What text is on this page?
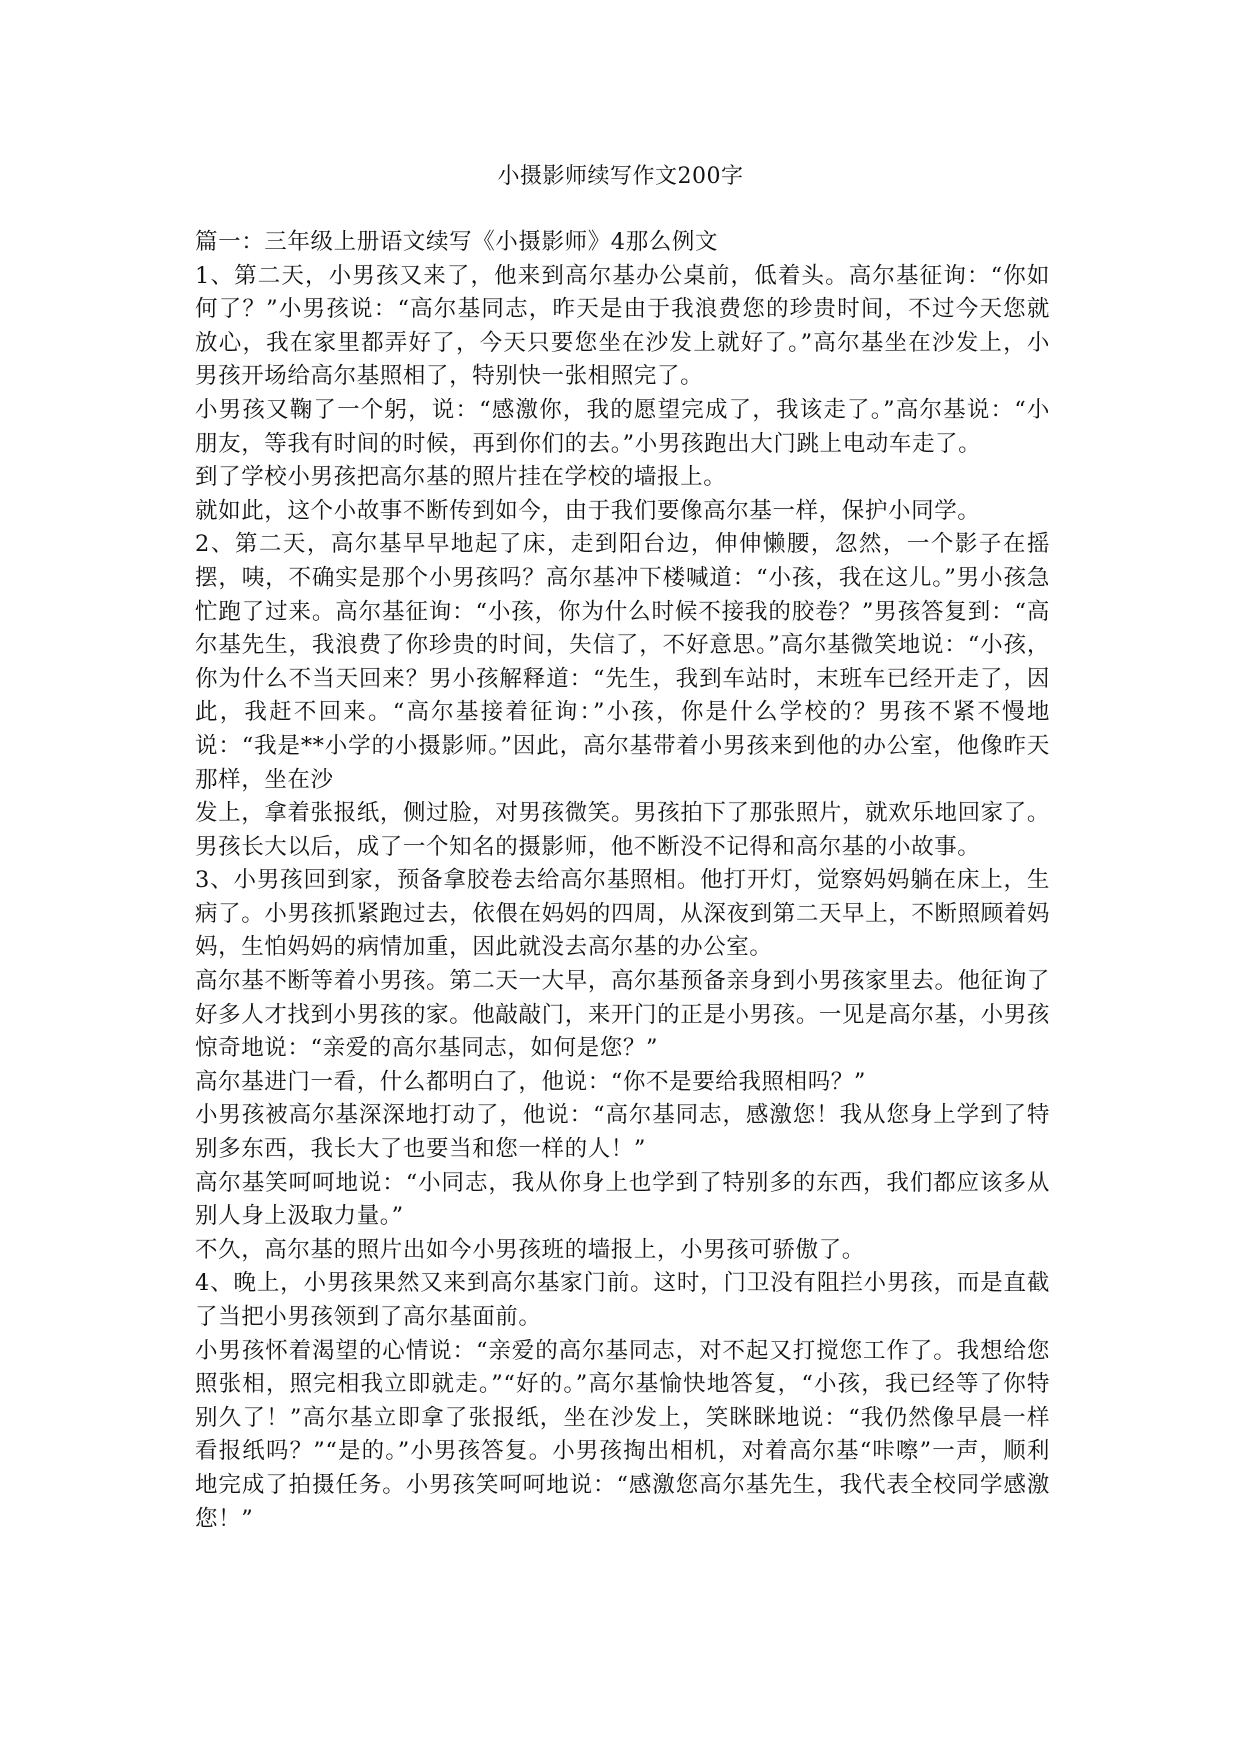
小摄影师续写作文200字

篇一：三年级上册语文续写《小摄影师》4那么例文

1、第二天，小男孩又来了，他来到高尔基办公桌前，低着头。高尔基征询：“你如何了？”小男孩说：“高尔基同志，昨天是由于我浪费您的珍贵时间，不过今天您就放心，我在家里都弄好了，今天只要您坐在沙发上就好了。”高尔基坐在沙发上，小男孩开场给高尔基照相了，特别快一张相照完了。

小男孩又鞠了一个躬，说：“感激你，我的愿望完成了，我该走了。”高尔基说：“小朋友，等我有时间的时候，再到你们的去。”小男孩跑出大门跳上电动车走了。

到了学校小男孩把高尔基的照片挂在学校的墙报上。

就如此，这个小故事不断传到如今，由于我们要像高尔基一样，保护小同学。

2、第二天，高尔基早早地起了床，走到阳台边，伸伸懒腰，忽然，一个影子在摇摆，咦，不确实是那个小男孩吗？高尔基冲下楼喊道：“小孩，我在这儿。”男小孩急忙跑了过来。高尔基征询：“小孩，你为什么时候不接我的胶卷？”男孩答复到：“高尔基先生，我浪费了你珍贵的时间，失信了，不好意思。”高尔基微笑地说：“小孩，你为什么不当天回来？男小孩解释道：“先生，我到车站时，末班车已经开走了，因此，我赶不回来。“高尔基接着征询：”小孩，你是什么学校的？男孩不紧不慢地说：“我是**小学的小摄影师。”因此，高尔基带着小男孩来到他的办公室，他像昨天那样，坐在沙

发上，拿着张报纸，侧过脸，对男孩微笑。男孩拍下了那张照片，就欢乐地回家了。男孩长大以后，成了一个知名的摄影师，他不断没不记得和高尔基的小故事。

3、小男孩回到家，预备拿胶卷去给高尔基照相。他打开灯，觉察妈妈躺在床上，生病了。小男孩抓紧跑过去，依偎在妈妈的四周，从深夜到第二天早上，不断照顾着妈妈，生怕妈妈的病情加重，因此就没去高尔基的办公室。

高尔基不断等着小男孩。第二天一大早，高尔基预备亲身到小男孩家里去。他征询了好多人才找到小男孩的家。他敲敲门，来开门的正是小男孩。一见是高尔基，小男孩惊奇地说：“亲爱的高尔基同志，如何是您？”

高尔基进门一看，什么都明白了，他说：“你不是要给我照相吗？”

小男孩被高尔基深深地打动了，他说：“高尔基同志，感激您！我从您身上学到了特别多东西，我长大了也要当和您一样的人！”

高尔基笑呵呵地说：“小同志，我从你身上也学到了特别多的东西，我们都应该多从别人身上汲取力量。”

不久，高尔基的照片出如今小男孩班的墙报上，小男孩可骄傲了。

4、晚上，小男孩果然又来到高尔基家门前。这时，门卫没有阻拦小男孩，而是直截了当把小男孩领到了高尔基面前。

小男孩怀着渴望的心情说：“亲爱的高尔基同志，对不起又打搅您工作了。我想给您照张相，照完相我立即就走。”“好的。”高尔基愉快地答复，“小孩，我已经等了你特别久了！”高尔基立即拿了张报纸，坐在沙发上，笑眯眯地说：“我仍然像早晨一样看报纸吗？”“是的。”小男孩答复。小男孩掏出相机，对着高尔基“咔嚓”一声，顺利地完成了拍摄任务。小男孩笑呵呵地说：“感激您高尔基先生，我代表全校同学感激您！”
